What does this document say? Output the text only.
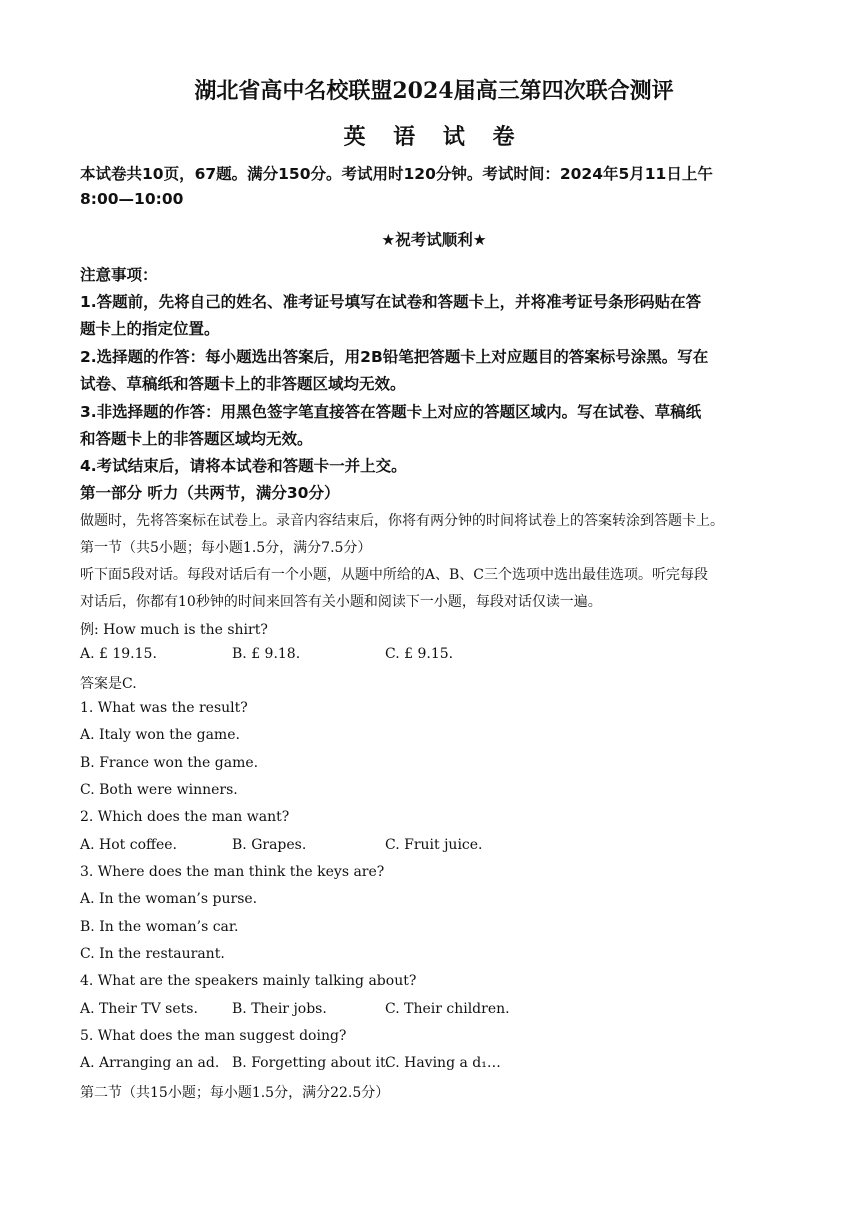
湖北省高中名校联盟2024届高三第四次联合测评
英 语 试 卷
本试卷共10页，67题。满分150分。考试用时120分钟。考试时间：2024年5月11日上午
8:00—10:00
★祝考试顺利★
注意事项：
1.答题前，先将自己的姓名、准考证号填写在试卷和答题卡上，并将准考证号条形码贴在答
题卡上的指定位置。
2.选择题的作答：每小题选出答案后，用2B铅笔把答题卡上对应题目的答案标号涂黑。写在
试卷、草稿纸和答题卡上的非答题区域均无效。
3.非选择题的作答：用黑色签字笔直接答在答题卡上对应的答题区域内。写在试卷、草稿纸
和答题卡上的非答题区域均无效。
4.考试结束后，请将本试卷和答题卡一并上交。
第一部分 听力（共两节，满分30分）
做题时，先将答案标在试卷上。录音内容结束后，你将有两分钟的时间将试卷上的答案转涂到答题卡上。
第一节（共5小题；每小题1.5分，满分7.5分）
听下面5段对话。每段对话后有一个小题，从题中所给的A、B、C三个选项中选出最佳选项。听完每段
对话后，你都有10秒钟的时间来回答有关小题和阅读下一小题，每段对话仅读一遍。
例: How much is the shirt?
A. £ 19.15.	B. £ 9.18.	C. £ 9.15.
答案是C.
1. What was the result?
A. Italy won the game.
B. France won the game.
C. Both were winners.
2. Which does the man want?
A. Hot coffee.	B. Grapes.	C. Fruit juice.
3. Where does the man think the keys are?
A. In the woman’s purse.
B. In the woman’s car.
C. In the restaurant.
4. What are the speakers mainly talking about?
A. Their TV sets. B. Their jobs.	C. Their children.
5. What does the man suggest doing?
A. Arranging an ad. B. Forgetting about it.
C. Having a d₁…
第二节（共15小题；每小题1.5分，满分22.5分）
